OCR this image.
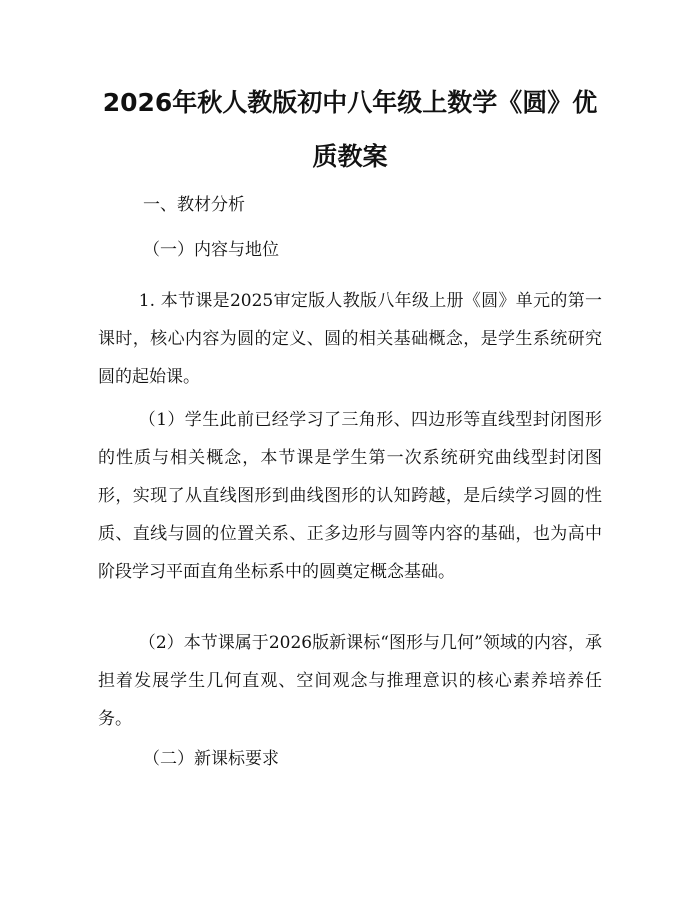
2026年秋人教版初中八年级上数学《圆》优质教案

一、教材分析

（一）内容与地位

1. 本节课是2025审定版人教版八年级上册《圆》单元的第一课时，核心内容为圆的定义、圆的相关基础概念，是学生系统研究圆的起始课。

（1）学生此前已经学习了三角形、四边形等直线型封闭图形的性质与相关概念，本节课是学生第一次系统研究曲线型封闭图形，实现了从直线图形到曲线图形的认知跨越，是后续学习圆的性质、直线与圆的位置关系、正多边形与圆等内容的基础，也为高中阶段学习平面直角坐标系中的圆奠定概念基础。

（2）本节课属于2026版新课标“图形与几何”领域的内容，承担着发展学生几何直观、空间观念与推理意识的核心素养培养任务。

（二）新课标要求
